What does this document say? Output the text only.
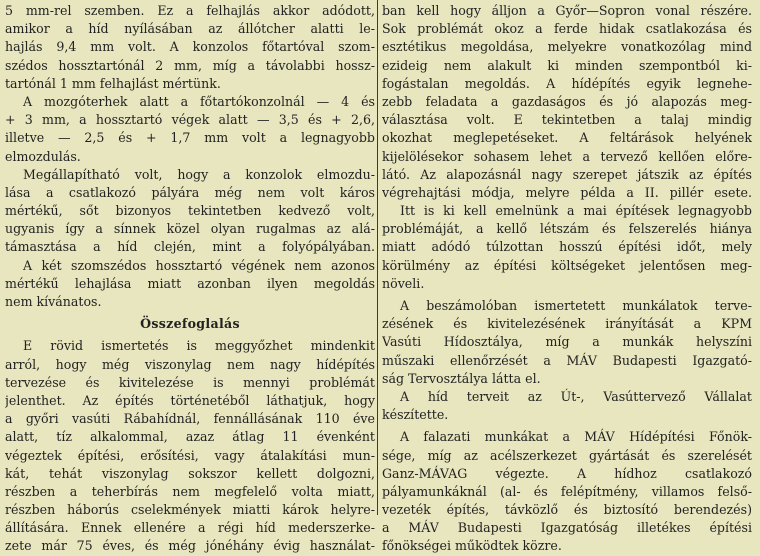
5 mm-rel szemben. Ez a felhajlás akkor adódott,
amikor a híd nyílásában az állótcher alatti le-
hajlás 9,4 mm volt. A konzolos főtartóval szom-
szédos hossztartónál 2 mm, míg a távolabbi hossz-
tartónál 1 mm felhajlást mértünk.
A mozgóterhek alatt a főtartókonzolnál — 4 és
+ 3 mm, a hossztartó végek alatt — 3,5 és + 2,6,
illetve — 2,5 és + 1,7 mm volt a legnagyobb
elmozdulás.
Megállapítható volt, hogy a konzolok elmozdu-
lása a csatlakozó pályára még nem volt káros
mértékű, sőt bizonyos tekintetben kedvező volt,
ugyanis így a sínnek közel olyan rugalmas az alá-
támasztása a híd clején, mint a folyópályában.
A két szomszédos hossztartó végének nem azonos
mértékű lehajlása miatt azonban ilyen megoldás
nem kívánatos.
Összefoglalás
E rövid ismertetés is meggyőzhet mindenkit
arról, hogy még viszonylag nem nagy hídépítés
tervezése és kivitelezése is mennyi problémát
jelenthet. Az építés történetéből láthatjuk, hogy
a győri vasúti Rábahídnál, fennállásának 110 éve
alatt, tíz alkalommal, azaz átlag 11 évenként
végeztek építési, erősítési, vagy átalakítási mun-
kát, tehát viszonylag sokszor kellett dolgozni,
részben a teherbírás nem megfelelő volta miatt,
részben háborús cselekmények miatti károk helyre-
állítására. Ennek ellenére a régi híd mederszerke-
zete már 75 éves, és még jónéhány évig használat-
ban kell hogy álljon a Győr—Sopron vonal részére.
Sok problémát okoz a ferde hidak csatlakozása és
esztétikus megoldása, melyekre vonatkozólag mind
ezideig nem alakult ki minden szempontból ki-
fogástalan megoldás. A hídépítés egyik legnehe-
zebb feladata a gazdaságos és jó alapozás meg-
választása volt. E tekintetben a talaj mindig
okozhat meglepetéseket. A feltárások helyének
kijelölésekor sohasem lehet a tervező kellően előre-
látó. Az alapozásnál nagy szerepet játszik az építés
végrehajtási módja, melyre példa a II. pillér esete.
Itt is ki kell emelnünk a mai építések legnagyobb
problémáját, a kellő létszám és felszerelés hiánya
miatt adódó túlzottan hosszú építési időt, mely
körülmény az építési költségeket jelentősen meg-
növeli.
A beszámolóban ismertetett munkálatok terve-
zésének és kivitelezésének irányítását a KPM
Vasúti Hídosztálya, míg a munkák helyszíni
műszaki ellenőrzését a MÁV Budapesti Igazgató-
ság Tervosztálya látta el.
A híd terveit az Út-, Vasúttervező Vállalat
készítette.
A falazati munkákat a MÁV Hídépítési Főnök-
sége, míg az acélszerkezet gyártását és szerelését
Ganz-MÁVAG végezte. A hídhoz csatlakozó
pályamunkáknál (al- és felépítmény, villamos felső-
vezeték építés, távközlő és biztosító berendezés)
a MÁV Budapesti Igazgatóság illetékes építési
főnökségei működtek közre.
